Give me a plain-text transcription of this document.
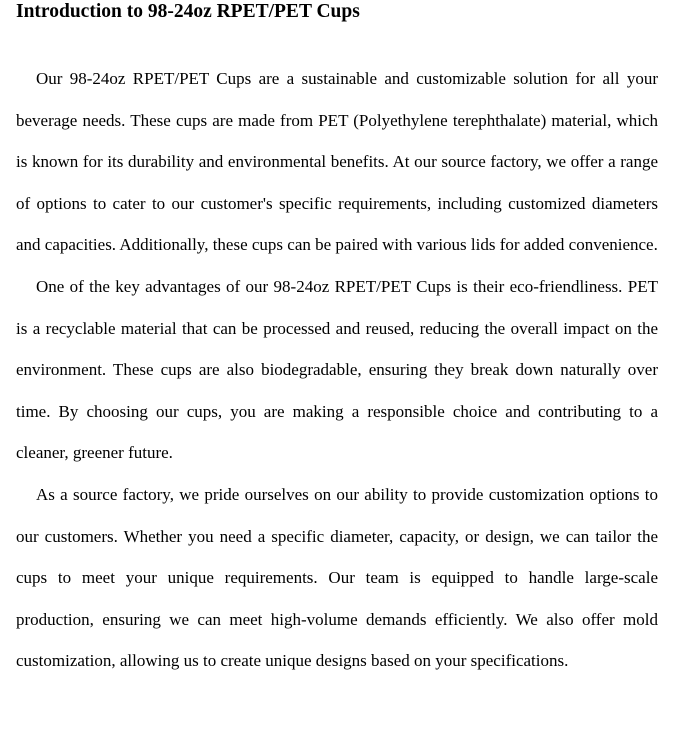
Introduction to 98-24oz RPET/PET Cups

Our 98-24oz RPET/PET Cups are a sustainable and customizable solution for all your beverage needs. These cups are made from PET (Polyethylene terephthalate) material, which is known for its durability and environmental benefits. At our source factory, we offer a range of options to cater to our customer's specific requirements, including customized diameters and capacities. Additionally, these cups can be paired with various lids for added convenience.

One of the key advantages of our 98-24oz RPET/PET Cups is their eco-friendliness. PET is a recyclable material that can be processed and reused, reducing the overall impact on the environment. These cups are also biodegradable, ensuring they break down naturally over time. By choosing our cups, you are making a responsible choice and contributing to a cleaner, greener future.

As a source factory, we pride ourselves on our ability to provide customization options to our customers. Whether you need a specific diameter, capacity, or design, we can tailor the cups to meet your unique requirements. Our team is equipped to handle large-scale production, ensuring we can meet high-volume demands efficiently. We also offer mold customization, allowing us to create unique designs based on your specifications.
